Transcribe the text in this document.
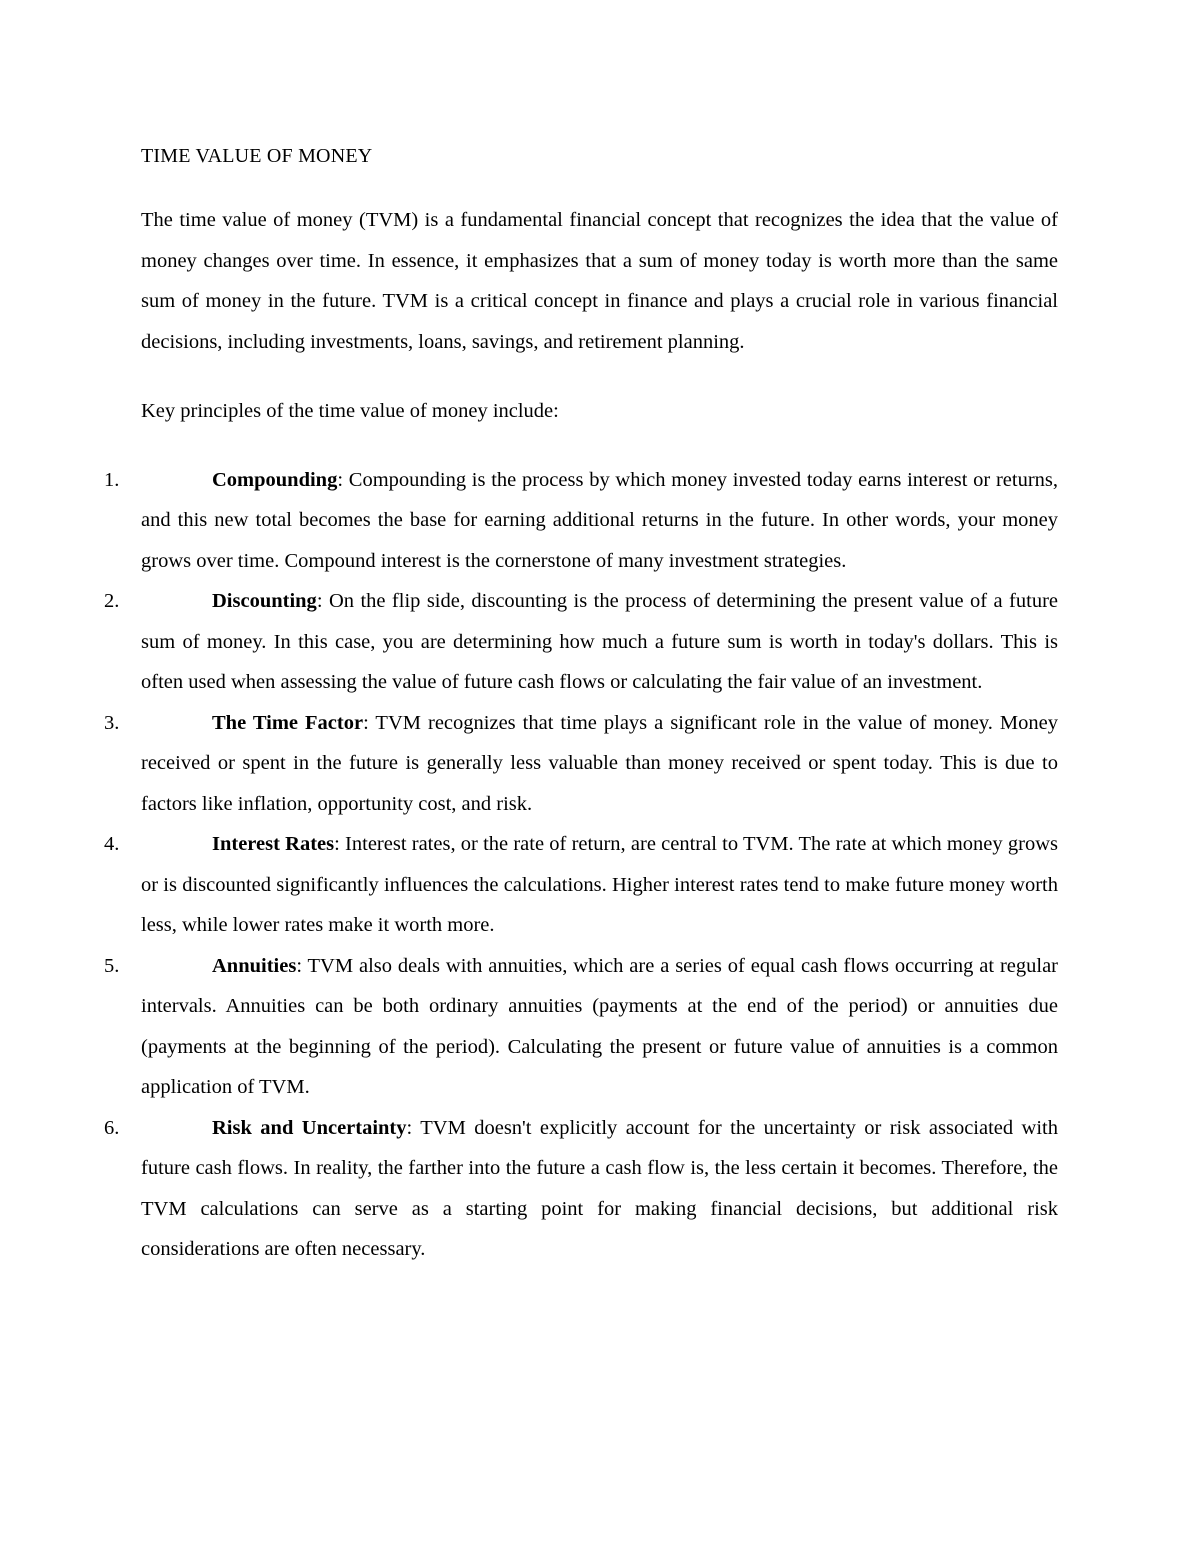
TIME VALUE OF MONEY

The time value of money (TVM) is a fundamental financial concept that recognizes the idea that the value of money changes over time. In essence, it emphasizes that a sum of money today is worth more than the same sum of money in the future. TVM is a critical concept in finance and plays a crucial role in various financial decisions, including investments, loans, savings, and retirement planning.

Key principles of the time value of money include:

1.	Compounding: Compounding is the process by which money invested today earns interest or returns, and this new total becomes the base for earning additional returns in the future. In other words, your money grows over time. Compound interest is the cornerstone of many investment strategies.
2.	Discounting: On the flip side, discounting is the process of determining the present value of a future sum of money. In this case, you are determining how much a future sum is worth in today's dollars. This is often used when assessing the value of future cash flows or calculating the fair value of an investment.
3.	The Time Factor: TVM recognizes that time plays a significant role in the value of money. Money received or spent in the future is generally less valuable than money received or spent today. This is due to factors like inflation, opportunity cost, and risk.
4.	Interest Rates: Interest rates, or the rate of return, are central to TVM. The rate at which money grows or is discounted significantly influences the calculations. Higher interest rates tend to make future money worth less, while lower rates make it worth more.
5.	Annuities: TVM also deals with annuities, which are a series of equal cash flows occurring at regular intervals. Annuities can be both ordinary annuities (payments at the end of the period) or annuities due (payments at the beginning of the period). Calculating the present or future value of annuities is a common application of TVM.
6.	Risk and Uncertainty: TVM doesn't explicitly account for the uncertainty or risk associated with future cash flows. In reality, the farther into the future a cash flow is, the less certain it becomes. Therefore, the TVM calculations can serve as a starting point for making financial decisions, but additional risk considerations are often necessary.
